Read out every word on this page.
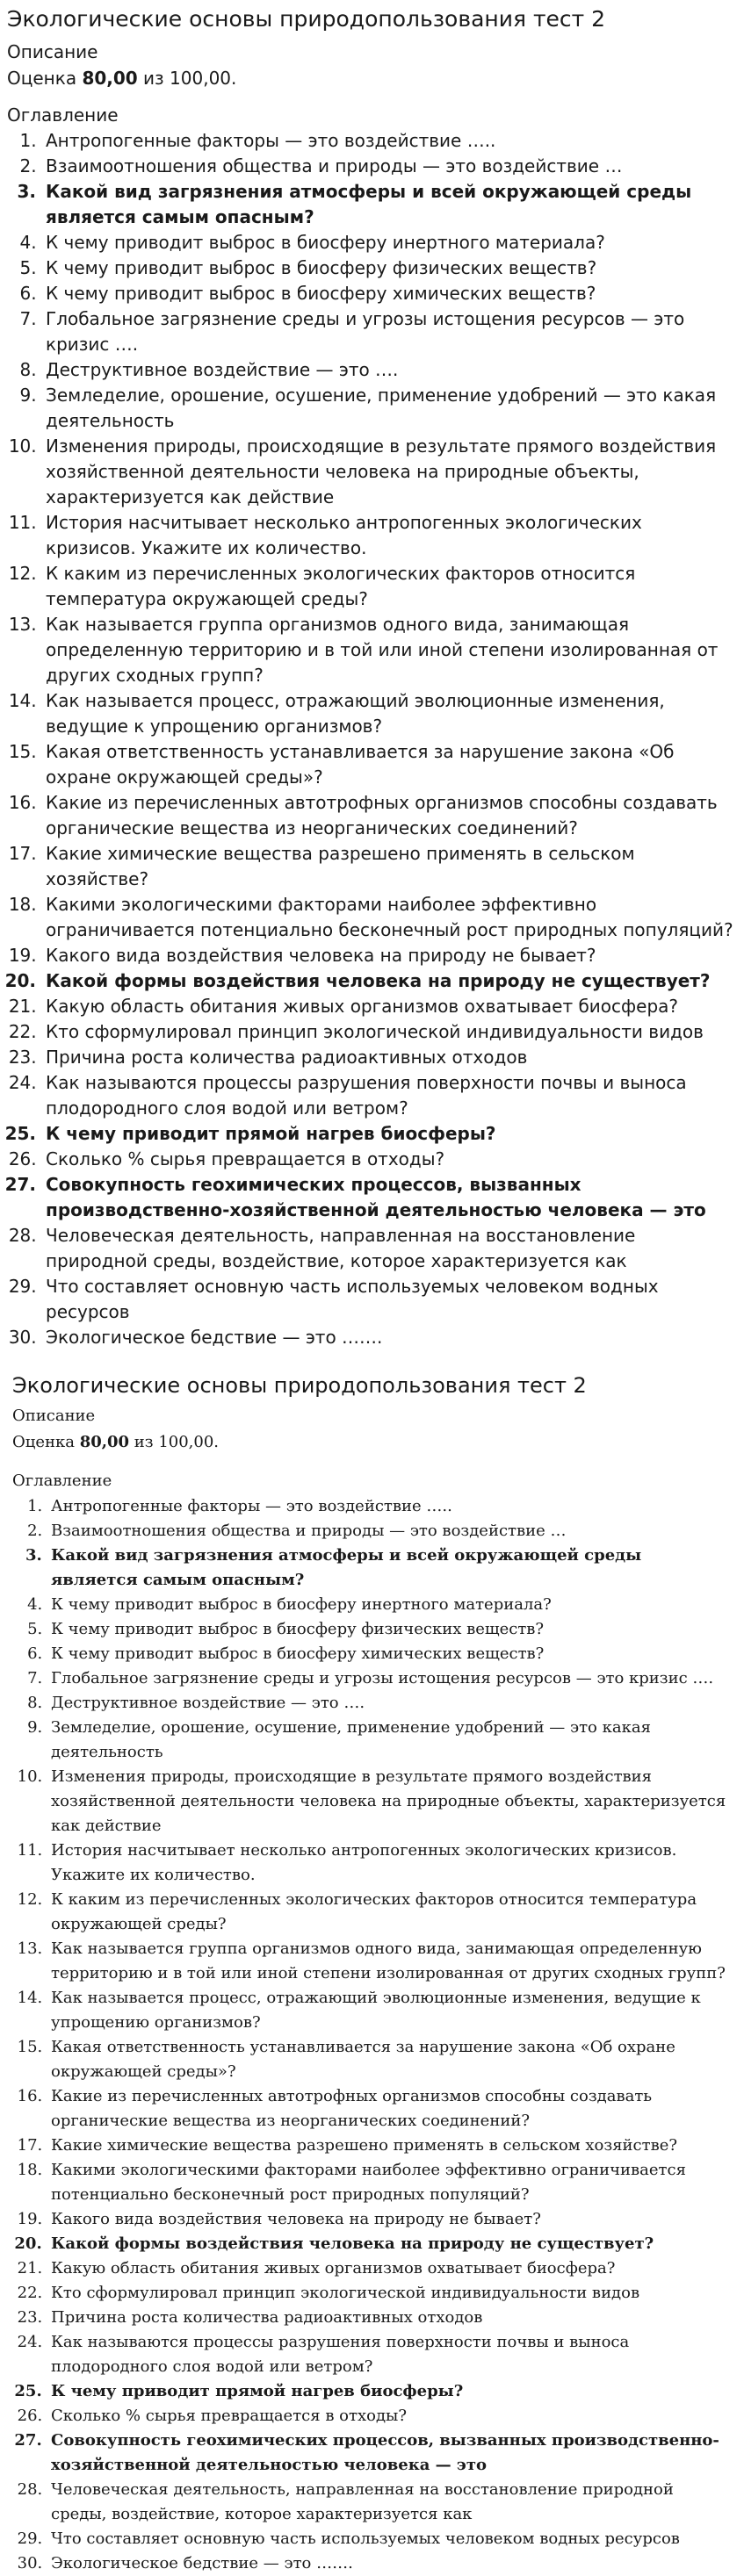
Экологические основы природопользования тест 2
Описание
Оценка 80,00 из 100,00.
Оглавление
1. Антропогенные факторы — это воздействие …..
2. Взаимоотношения общества и природы — это воздействие …
3. Какой вид загрязнения атмосферы и всей окружающей среды является самым опасным?
4. К чему приводит выброс в биосферу инертного материала?
5. К чему приводит выброс в биосферу физических веществ?
6. К чему приводит выброс в биосферу химических веществ?
7. Глобальное загрязнение среды и угрозы истощения ресурсов — это кризис ….
8. Деструктивное воздействие — это ….
9. Земледелие, орошение, осушение, применение удобрений — это какая деятельность
10. Изменения природы, происходящие в результате прямого воздействия хозяйственной деятельности человека на природные объекты, характеризуется как действие
11. История насчитывает несколько антропогенных экологических кризисов. Укажите их количество.
12. К каким из перечисленных экологических факторов относится температура окружающей среды?
13. Как называется группа организмов одного вида, занимающая определенную территорию и в той или иной степени изолированная от других сходных групп?
14. Как называется процесс, отражающий эволюционные изменения, ведущие к упрощению организмов?
15. Какая ответственность устанавливается за нарушение закона «Об охране окружающей среды»?
16. Какие из перечисленных автотрофных организмов способны создавать органические вещества из неорганических соединений?
17. Какие химические вещества разрешено применять в сельском хозяйстве?
18. Какими экологическими факторами наиболее эффективно ограничивается потенциально бесконечный рост природных популяций?
19. Какого вида воздействия человека на природу не бывает?
20. Какой формы воздействия человека на природу не существует?
21. Какую область обитания живых организмов охватывает биосфера?
22. Кто сформулировал принцип экологической индивидуальности видов
23. Причина роста количества радиоактивных отходов
24. Как называются процессы разрушения поверхности почвы и выноса плодородного слоя водой или ветром?
25. К чему приводит прямой нагрев биосферы?
26. Сколько % сырья превращается в отходы?
27. Совокупность геохимических процессов, вызванных производственно-хозяйственной деятельностью человека — это
28. Человеческая деятельность, направленная на восстановление природной среды, воздействие, которое характеризуется как
29. Что составляет основную часть используемых человеком водных ресурсов
30. Экологическое бедствие — это …….
Экологические основы природопользования тест 2
Описание
Оценка 80,00 из 100,00.
Оглавление
1. Антропогенные факторы — это воздействие …..
2. Взаимоотношения общества и природы — это воздействие …
3. Какой вид загрязнения атмосферы и всей окружающей среды является самым опасным?
4. К чему приводит выброс в биосферу инертного материала?
5. К чему приводит выброс в биосферу физических веществ?
6. К чему приводит выброс в биосферу химических веществ?
7. Глобальное загрязнение среды и угрозы истощения ресурсов — это кризис ….
8. Деструктивное воздействие — это ….
9. Земледелие, орошение, осушение, применение удобрений — это какая деятельность
10. Изменения природы, происходящие в результате прямого воздействия хозяйственной деятельности человека на природные объекты, характеризуется как действие
11. История насчитывает несколько антропогенных экологических кризисов. Укажите их количество.
12. К каким из перечисленных экологических факторов относится температура окружающей среды?
13. Как называется группа организмов одного вида, занимающая определенную территорию и в той или иной степени изолированная от других сходных групп?
14. Как называется процесс, отражающий эволюционные изменения, ведущие к упрощению организмов?
15. Какая ответственность устанавливается за нарушение закона «Об охране окружающей среды»?
16. Какие из перечисленных автотрофных организмов способны создавать органические вещества из неорганических соединений?
17. Какие химические вещества разрешено применять в сельском хозяйстве?
18. Какими экологическими факторами наиболее эффективно ограничивается потенциально бесконечный рост природных популяций?
19. Какого вида воздействия человека на природу не бывает?
20. Какой формы воздействия человека на природу не существует?
21. Какую область обитания живых организмов охватывает биосфера?
22. Кто сформулировал принцип экологической индивидуальности видов
23. Причина роста количества радиоактивных отходов
24. Как называются процессы разрушения поверхности почвы и выноса плодородного слоя водой или ветром?
25. К чему приводит прямой нагрев биосферы?
26. Сколько % сырья превращается в отходы?
27. Совокупность геохимических процессов, вызванных производственно-хозяйственной деятельностью человека — это
28. Человеческая деятельность, направленная на восстановление природной среды, воздействие, которое характеризуется как
29. Что составляет основную часть используемых человеком водных ресурсов
30. Экологическое бедствие — это …….
